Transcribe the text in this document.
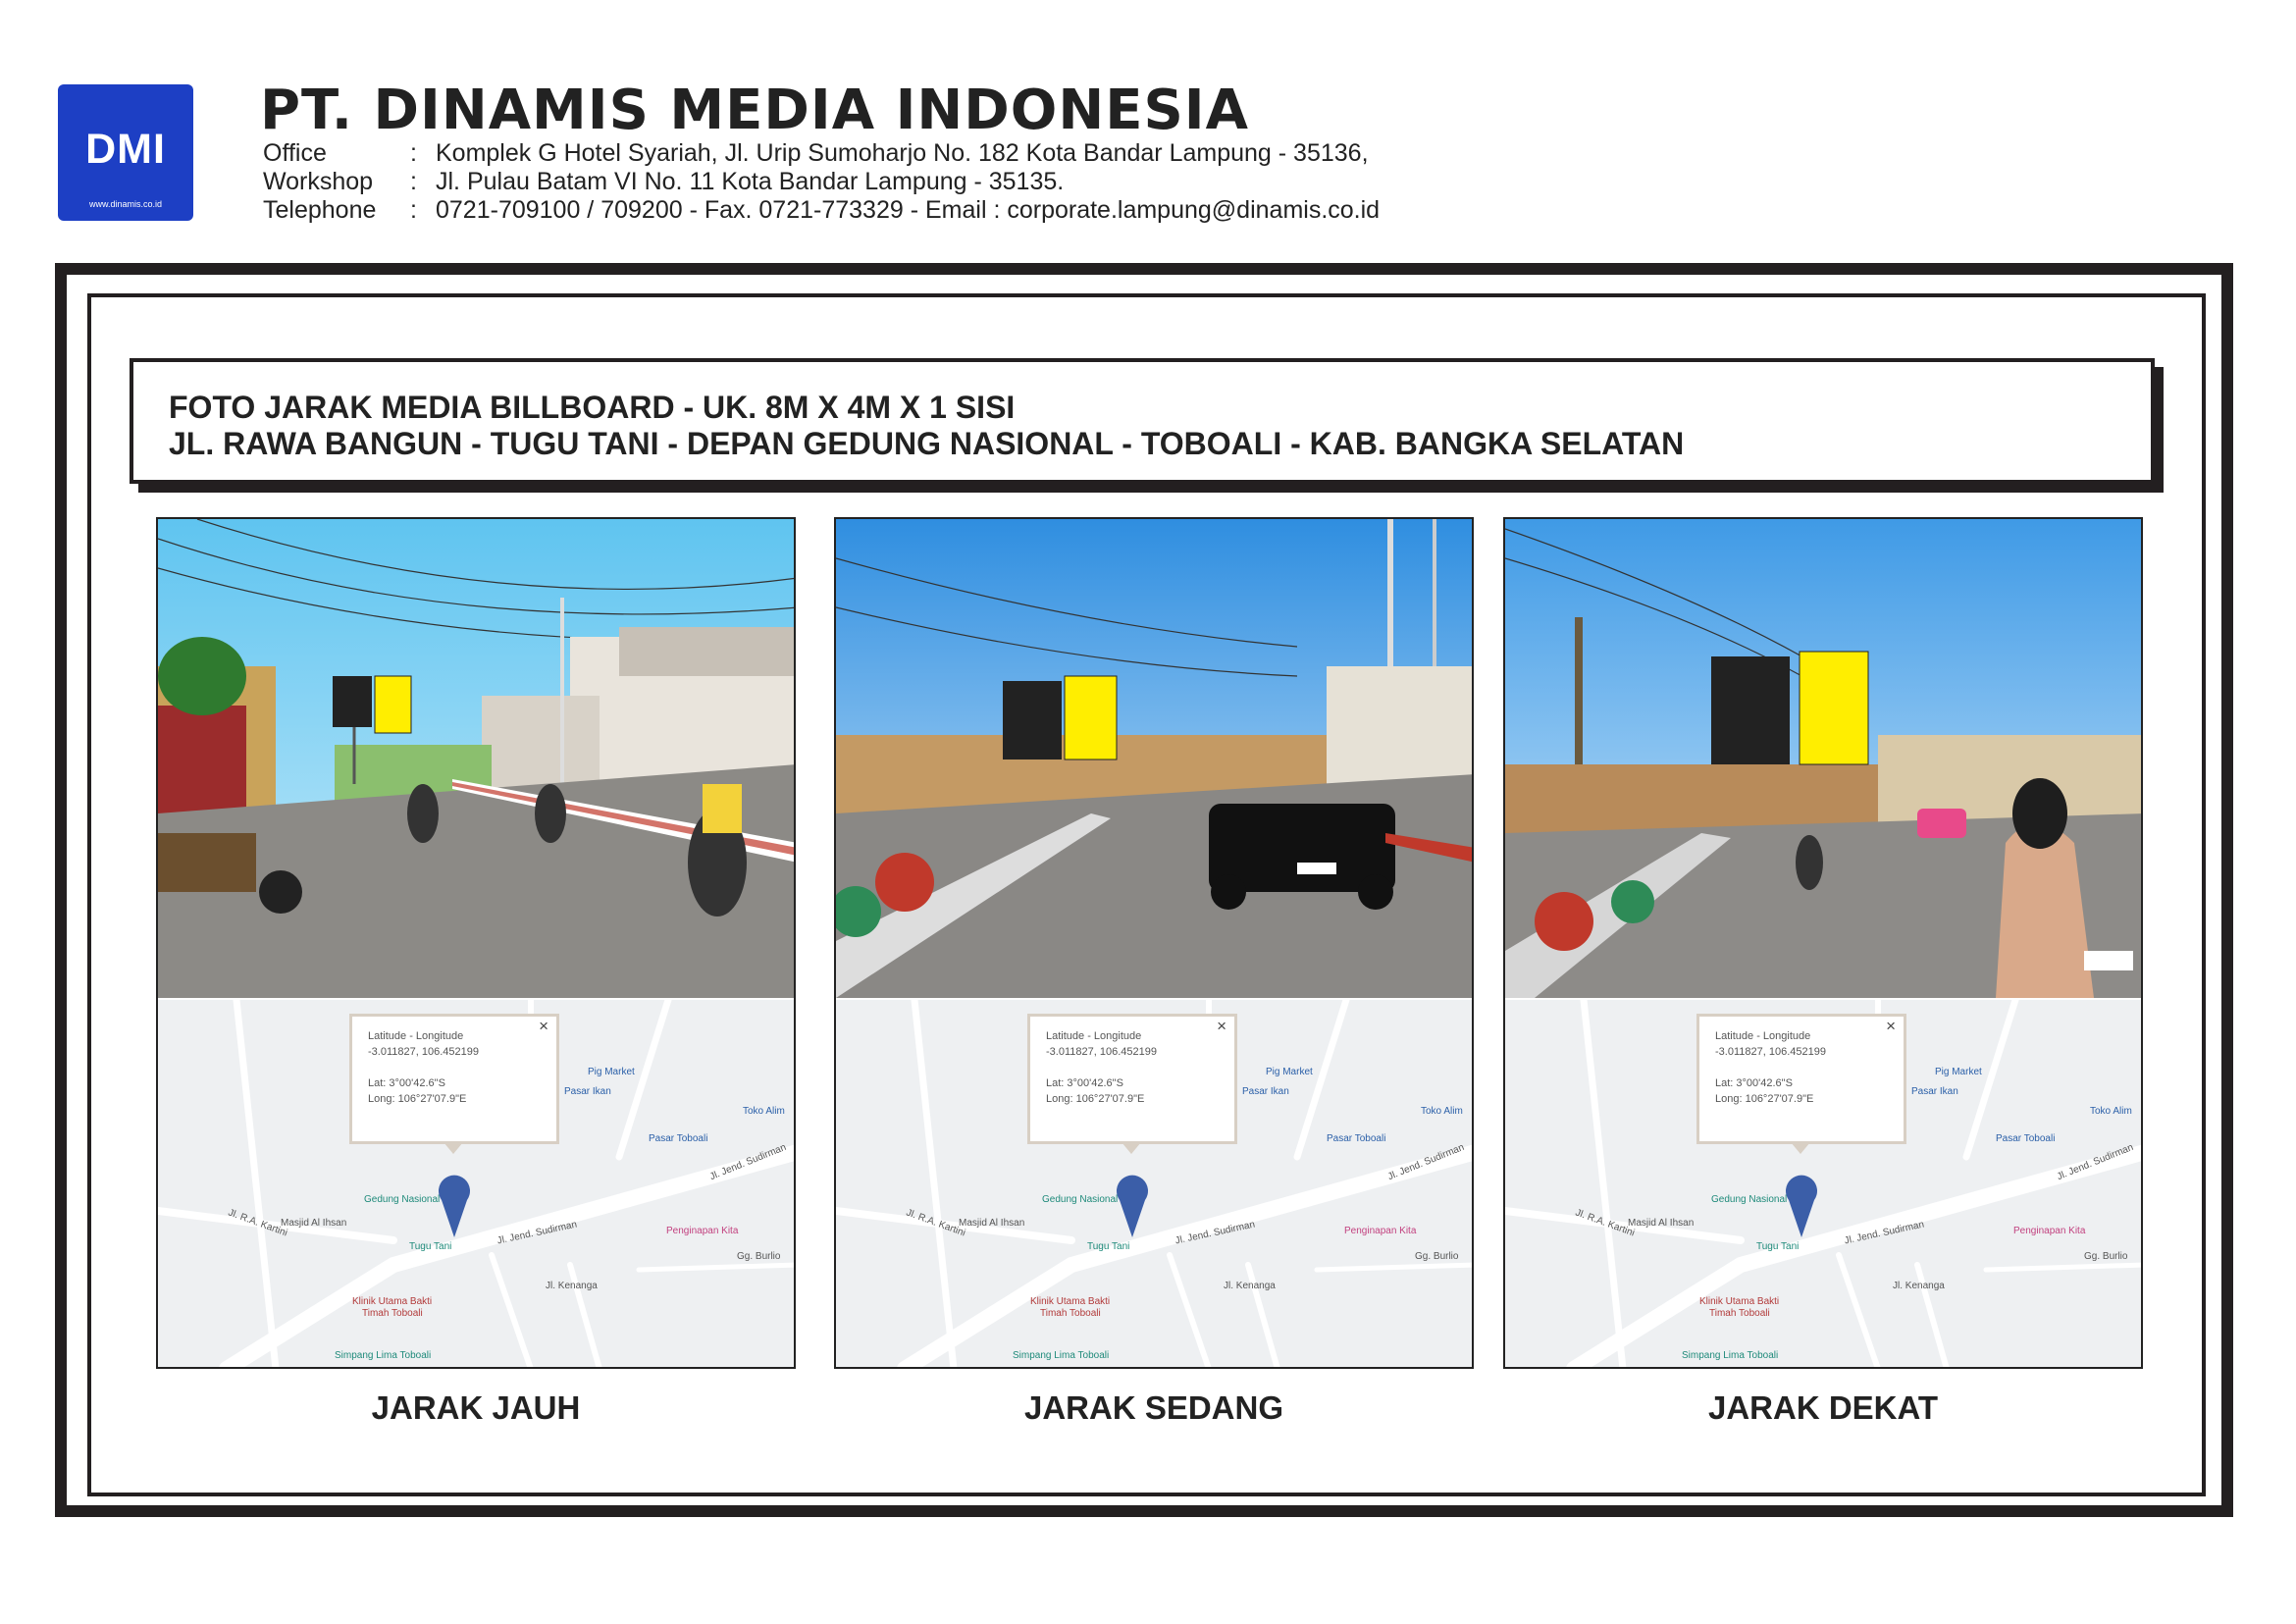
DMI
www.dinamis.co.id
PT. DINAMIS MEDIA INDONESIA
Office	: Komplek G Hotel Syariah, Jl. Urip Sumoharjo No. 182 Kota Bandar Lampung - 35136,
Workshop	: Jl. Pulau Batam VI No. 11 Kota Bandar Lampung - 35135.
Telephone	: 0721-709100 / 709200 - Fax. 0721-773329 - Email : corporate.lampung@dinamis.co.id
FOTO JARAK MEDIA BILLBOARD - UK. 8M X 4M X 1 SISI
JL. RAWA BANGUN - TUGU TANI - DEPAN GEDUNG NASIONAL - TOBOALI - KAB. BANGKA SELATAN
×
Latitude - Longitude
-3.011827, 106.452199
Lat: 3°00'42.6"S
Long: 106°27'07.9"E
Pig Market
Pasar Ikan
Toko Alim
Pasar Toboali
Gedung Nasional
Masjid Al Ihsan
Tugu Tani
Jl. Jend. Sudirman
Jl. Jend. Sudirman
Penginapan Kita
Jl. Kenanga
Klinik Utama Bakti
Timah Toboali
Simpang Lima Toboali
Jl. R.A. Kartini
Gg. Burlio
JARAK JAUH
×
Latitude - Longitude
-3.011827, 106.452199
Lat: 3°00'42.6"S
Long: 106°27'07.9"E
Pig Market
Pasar Ikan
Toko Alim
Pasar Toboali
Gedung Nasional
Masjid Al Ihsan
Tugu Tani
Jl. Jend. Sudirman
Jl. Jend. Sudirman
Penginapan Kita
Jl. Kenanga
Klinik Utama Bakti
Timah Toboali
Simpang Lima Toboali
Jl. R.A. Kartini
Gg. Burlio
JARAK SEDANG
×
Latitude - Longitude
-3.011827, 106.452199
Lat: 3°00'42.6"S
Long: 106°27'07.9"E
Pig Market
Pasar Ikan
Toko Alim
Pasar Toboali
Gedung Nasional
Masjid Al Ihsan
Tugu Tani
Jl. Jend. Sudirman
Jl. Jend. Sudirman
Penginapan Kita
Jl. Kenanga
Klinik Utama Bakti
Timah Toboali
Simpang Lima Toboali
Jl. R.A. Kartini
Gg. Burlio
JARAK DEKAT
